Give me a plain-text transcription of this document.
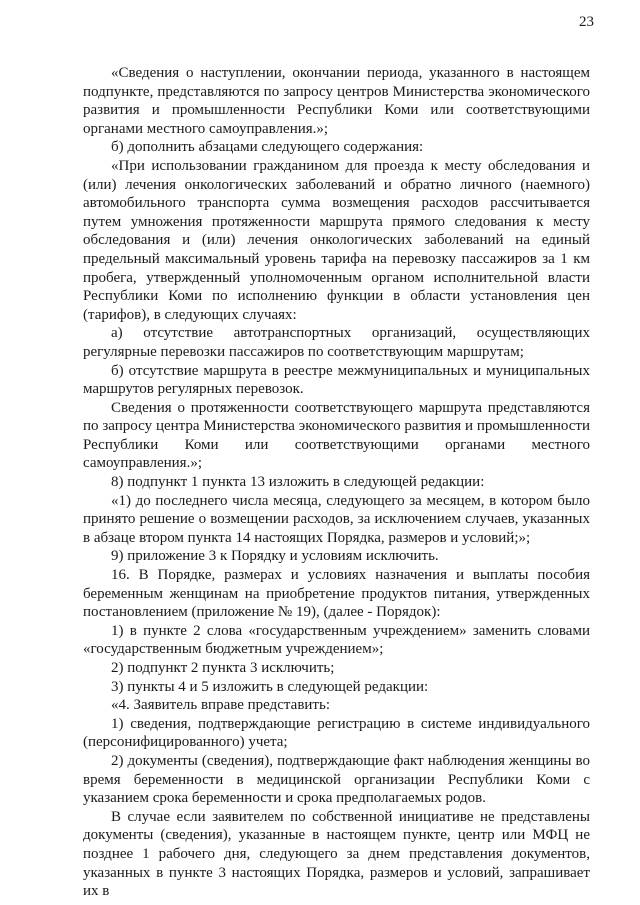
23

«Сведения о наступлении, окончании периода, указанного в настоящем подпункте, представляются по запросу центров Министерства экономического развития и промышленности Республики Коми или соответствующими органами местного самоуправления.»;

б) дополнить абзацами следующего содержания:

«При использовании гражданином для проезда к месту обследования и (или) лечения онкологических заболеваний и обратно личного (наемного) автомобильного транспорта сумма возмещения расходов рассчитывается путем умножения протяженности маршрута прямого следования к месту обследования и (или) лечения онкологических заболеваний на единый предельный максимальный уровень тарифа на перевозку пассажиров за 1 км пробега, утвержденный уполномоченным органом исполнительной власти Республики Коми по исполнению функции в области установления цен (тарифов), в следующих случаях:

а) отсутствие автотранспортных организаций, осуществляющих регулярные перевозки пассажиров по соответствующим маршрутам;

б) отсутствие маршрута в реестре межмуниципальных и муниципальных маршрутов регулярных перевозок.

Сведения о протяженности соответствующего маршрута представляются по запросу центра Министерства экономического развития и промышленности Республики Коми или соответствующими органами местного самоуправления.»;

8) подпункт 1 пункта 13 изложить в следующей редакции:

«1) до последнего числа месяца, следующего за месяцем, в котором было принято решение о возмещении расходов, за исключением случаев, указанных в абзаце втором пункта 14 настоящих Порядка, размеров и условий;»;

9) приложение 3 к Порядку и условиям исключить.

16. В Порядке, размерах и условиях назначения и выплаты пособия беременным женщинам на приобретение продуктов питания, утвержденных постановлением (приложение № 19), (далее - Порядок):

1) в пункте 2 слова «государственным учреждением» заменить словами «государственным бюджетным учреждением»;

2) подпункт 2 пункта 3 исключить;

3) пункты 4 и 5 изложить в следующей редакции:

«4. Заявитель вправе представить:

1) сведения, подтверждающие регистрацию в системе индивидуального (персонифицированного) учета;

2) документы (сведения), подтверждающие факт наблюдения женщины во время беременности в медицинской организации Республики Коми с указанием срока беременности и срока предполагаемых родов.

В случае если заявителем по собственной инициативе не представлены документы (сведения), указанные в настоящем пункте, центр или МФЦ не позднее 1 рабочего дня, следующего за днем представления документов, указанных в пункте 3 настоящих Порядка, размеров и условий, запрашивает их в
